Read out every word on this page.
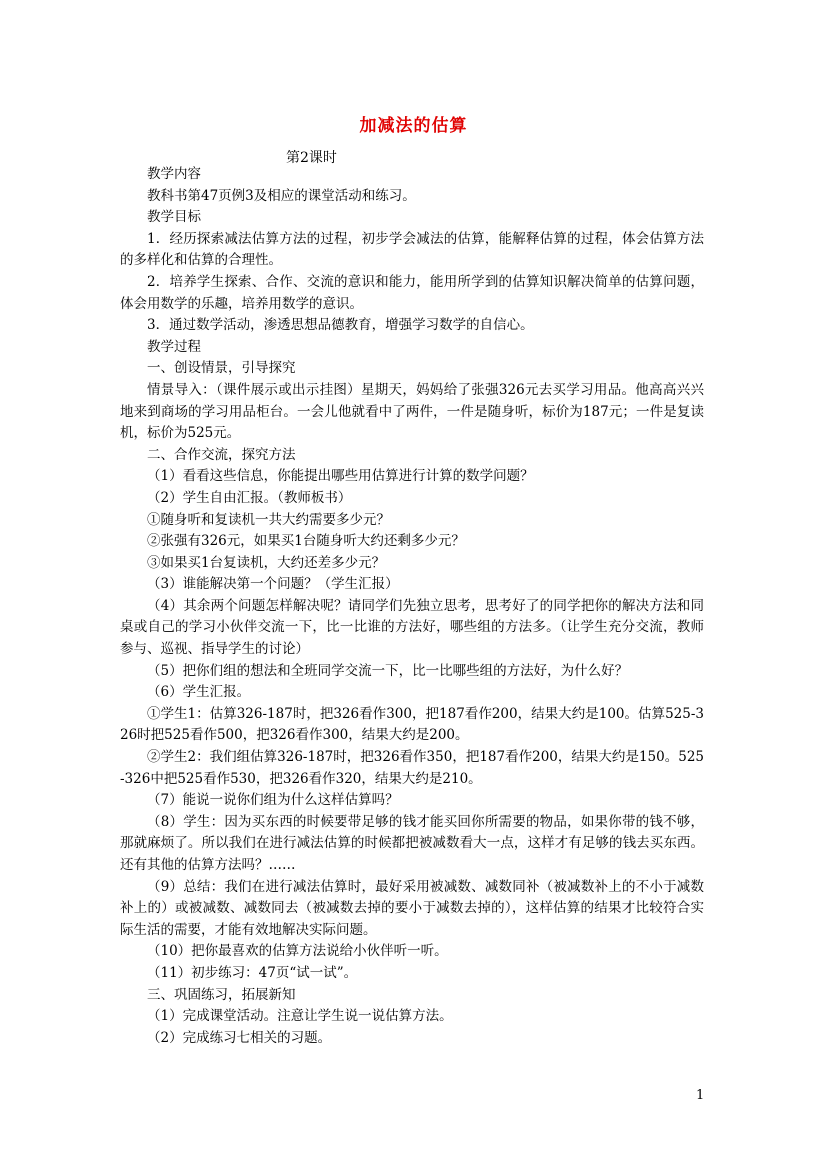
加减法的估算
第2课时

教学内容

教科书第47页例3及相应的课堂活动和练习。

教学目标

1．经历探索减法估算方法的过程，初步学会减法的估算，能解释估算的过程，体会估算方法的多样化和估算的合理性。

2．培养学生探索、合作、交流的意识和能力，能用所学到的估算知识解决简单的估算问题，体会用数学的乐趣，培养用数学的意识。

3．通过数学活动，渗透思想品德教育，增强学习数学的自信心。

教学过程

一、创设情景，引导探究

情景导入：（课件展示或出示挂图）星期天，妈妈给了张强326元去买学习用品。他高高兴兴地来到商场的学习用品柜台。一会儿他就看中了两件，一件是随身听，标价为187元；一件是复读机，标价为525元。

二、合作交流，探究方法

（1）看看这些信息，你能提出哪些用估算进行计算的数学问题？

（2）学生自由汇报。（教师板书）

①随身听和复读机一共大约需要多少元？

②张强有326元，如果买1台随身听大约还剩多少元？

③如果买1台复读机，大约还差多少元？

（3）谁能解决第一个问题？（学生汇报）

（4）其余两个问题怎样解决呢？请同学们先独立思考，思考好了的同学把你的解决方法和同桌或自己的学习小伙伴交流一下，比一比谁的方法好，哪些组的方法多。（让学生充分交流，教师参与、巡视、指导学生的讨论）

（5）把你们组的想法和全班同学交流一下，比一比哪些组的方法好，为什么好？

（6）学生汇报。

①学生1：估算326-187时，把326看作300，把187看作200，结果大约是100。估算525-326时把525看作500，把326看作300，结果大约是200。

②学生2：我们组估算326-187时，把326看作350，把187看作200，结果大约是150。525-326中把525看作530，把326看作320，结果大约是210。

（7）能说一说你们组为什么这样估算吗？

（8）学生：因为买东西的时候要带足够的钱才能买回你所需要的物品，如果你带的钱不够，那就麻烦了。所以我们在进行减法估算的时候都把被减数看大一点，这样才有足够的钱去买东西。还有其他的估算方法吗？……

（9）总结：我们在进行减法估算时，最好采用被减数、减数同补（被减数补上的不小于减数补上的）或被减数、减数同去（被减数去掉的要小于减数去掉的），这样估算的结果才比较符合实际生活的需要，才能有效地解决实际问题。

（10）把你最喜欢的估算方法说给小伙伴听一听。

（11）初步练习：47页“试一试”。

三、巩固练习，拓展新知

（1）完成课堂活动。注意让学生说一说估算方法。

（2）完成练习七相关的习题。

1
